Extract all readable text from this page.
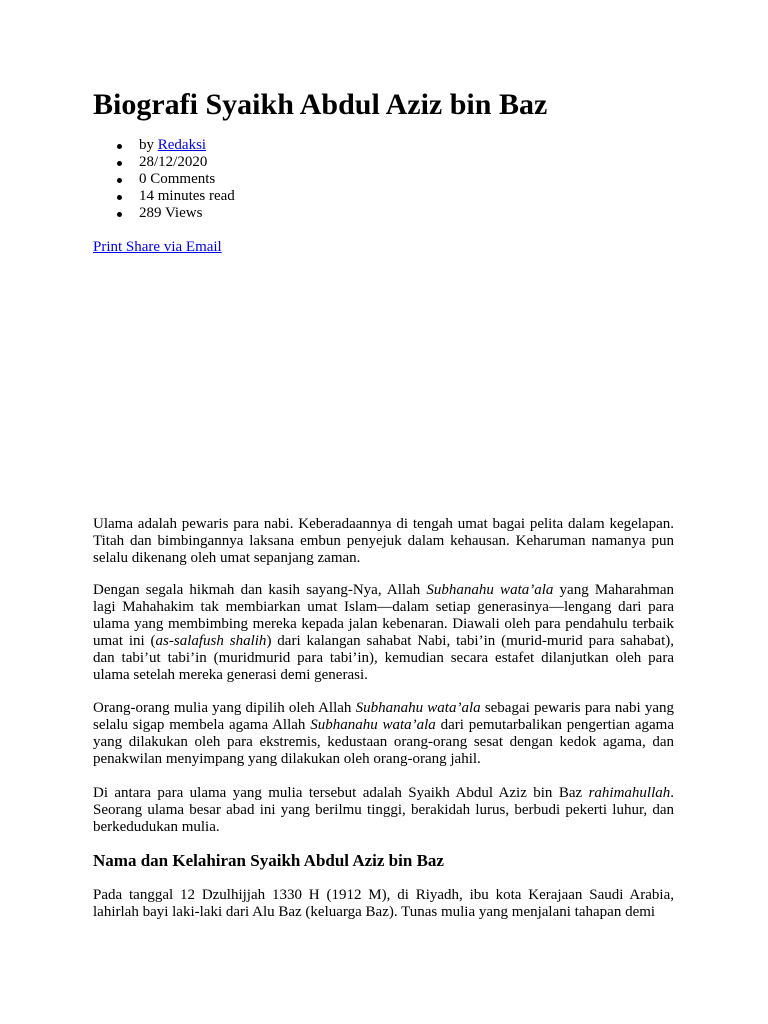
Biografi Syaikh Abdul Aziz bin Baz
by Redaksi
28/12/2020
0 Comments
14 minutes read
289 Views
Print Share via Email

Ulama adalah pewaris para nabi. Keberadaannya di tengah umat bagai pelita dalam kegelapan. Titah dan bimbingannya laksana embun penyejuk dalam kehausan. Keharuman namanya pun selalu dikenang oleh umat sepanjang zaman.

Dengan segala hikmah dan kasih sayang-Nya, Allah Subhanahu wata’ala yang Maharahman lagi Mahahakim tak membiarkan umat Islam—dalam setiap generasinya—lengang dari para ulama yang membimbing mereka kepada jalan kebenaran. Diawali oleh para pendahulu terbaik umat ini (as-salafush shalih) dari kalangan sahabat Nabi, tabi’in (murid-murid para sahabat), dan tabi’ut tabi’in (muridmurid para tabi’in), kemudian secara estafet dilanjutkan oleh para ulama setelah mereka generasi demi generasi.

Orang-orang mulia yang dipilih oleh Allah Subhanahu wata’ala sebagai pewaris para nabi yang selalu sigap membela agama Allah Subhanahu wata’ala dari pemutarbalikan pengertian agama yang dilakukan oleh para ekstremis, kedustaan orang-orang sesat dengan kedok agama, dan penakwilan menyimpang yang dilakukan oleh orang-orang jahil.

Di antara para ulama yang mulia tersebut adalah Syaikh Abdul Aziz bin Baz rahimahullah. Seorang ulama besar abad ini yang berilmu tinggi, berakidah lurus, berbudi pekerti luhur, dan berkedudukan mulia.

Nama dan Kelahiran Syaikh Abdul Aziz bin Baz

Pada tanggal 12 Dzulhijjah 1330 H (1912 M), di Riyadh, ibu kota Kerajaan Saudi Arabia, lahirlah bayi laki-laki dari Alu Baz (keluarga Baz). Tunas mulia yang menjalani tahapan demi
